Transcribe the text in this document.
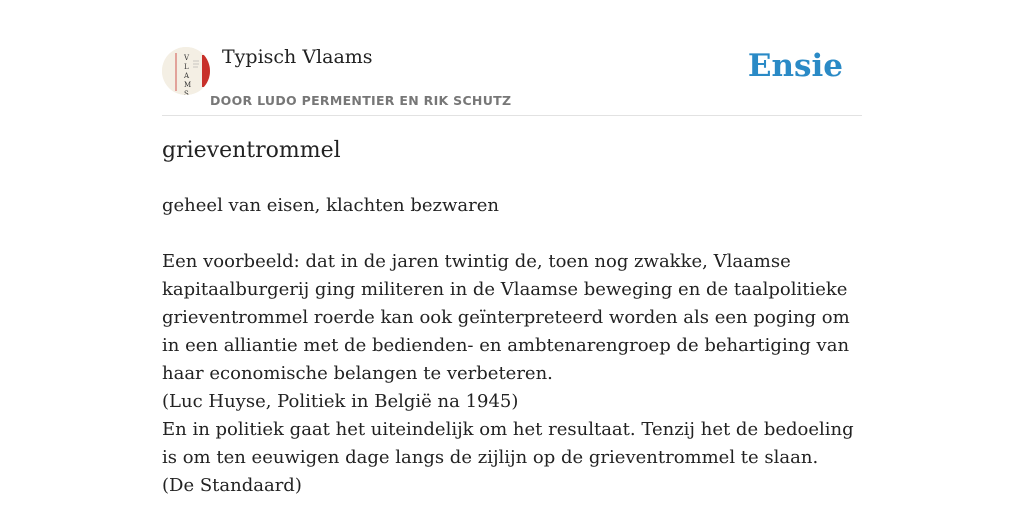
V
L
A
M
S
Typisch Vlaams
DOOR LUDO PERMENTIER EN RIK SCHUTZ
Ensie
grieventrommel
geheel van eisen, klachten bezwaren

Een voorbeeld: dat in de jaren twintig de, toen nog zwakke, Vlaamse kapitaalburgerij ging militeren in de Vlaamse beweging en de taalpolitieke grieventrommel roerde kan ook geïnterpreteerd worden als een poging om in een alliantie met de bedienden- en ambtenarengroep de behartiging van haar economische belangen te verbeteren.

(Luc Huyse, Politiek in België na 1945)

En in politiek gaat het uiteindelijk om het resultaat. Tenzij het de bedoeling is om ten eeuwigen dage langs de zijlijn op de grieventrommel te slaan.

(De Standaard)
